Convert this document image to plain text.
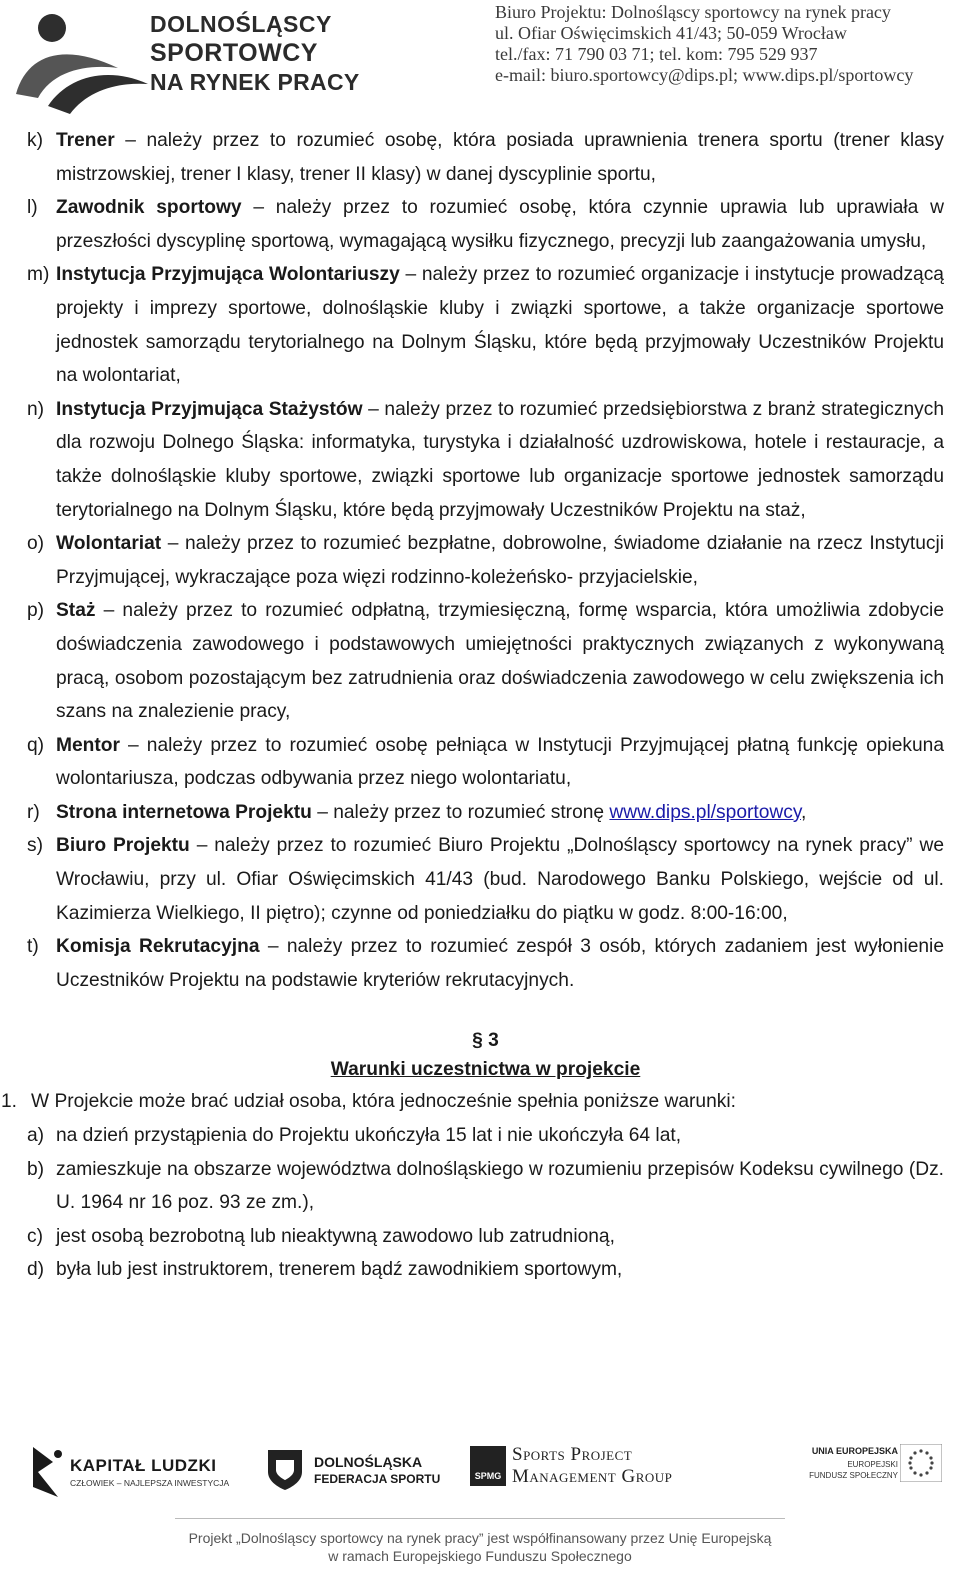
DOLNOŚLĄSCY
SPORTOWCY
NA RYNEK PRACY
Biuro Projektu: Dolnośląscy sportowcy na rynek pracy
ul. Ofiar Oświęcimskich 41/43; 50-059 Wrocław
tel./fax: 71 790 03 71; tel. kom: 795 529 937
e-mail: biuro.sportowcy@dips.pl; www.dips.pl/sportowcy
k) Trener – należy przez to rozumieć osobę, która posiada uprawnienia trenera sportu (trener klasy mistrzowskiej, trener I klasy, trener II klasy) w danej dyscyplinie sportu,
l) Zawodnik sportowy – należy przez to rozumieć osobę, która czynnie uprawia lub uprawiała w przeszłości dyscyplinę sportową, wymagającą wysiłku fizycznego, precyzji lub zaangażowania umysłu,
m) Instytucja Przyjmująca Wolontariuszy – należy przez to rozumieć organizacje i instytucje prowadzącą projekty i imprezy sportowe, dolnośląskie kluby i związki sportowe, a także organizacje sportowe jednostek samorządu terytorialnego na Dolnym Śląsku, które będą przyjmowały Uczestników Projektu na wolontariat,
n) Instytucja Przyjmująca Stażystów – należy przez to rozumieć przedsiębiorstwa z branż strategicznych dla rozwoju Dolnego Śląska: informatyka, turystyka i działalność uzdrowiskowa, hotele i restauracje, a także dolnośląskie kluby sportowe, związki sportowe lub organizacje sportowe jednostek samorządu terytorialnego na Dolnym Śląsku, które będą przyjmowały Uczestników Projektu na staż,
o) Wolontariat – należy przez to rozumieć bezpłatne, dobrowolne, świadome działanie na rzecz Instytucji Przyjmującej, wykraczające poza więzi rodzinno-koleżeńsko- przyjacielskie,
p) Staż – należy przez to rozumieć odpłatną, trzymiesięczną, formę wsparcia, która umożliwia zdobycie doświadczenia zawodowego i podstawowych umiejętności praktycznych związanych z wykonywaną pracą, osobom pozostającym bez zatrudnienia oraz doświadczenia zawodowego w celu zwiększenia ich szans na znalezienie pracy,
q) Mentor – należy przez to rozumieć osobę pełniąca w Instytucji Przyjmującej płatną funkcję opiekuna wolontariusza, podczas odbywania przez niego wolontariatu,
r) Strona internetowa Projektu – należy przez to rozumieć stronę www.dips.pl/sportowcy,
s) Biuro Projektu – należy przez to rozumieć Biuro Projektu „Dolnośląscy sportowcy na rynek pracy” we Wrocławiu, przy ul. Ofiar Oświęcimskich 41/43 (bud. Narodowego Banku Polskiego, wejście od ul. Kazimierza Wielkiego, II piętro); czynne od poniedziałku do piątku w godz. 8:00-16:00,
t) Komisja Rekrutacyjna – należy przez to rozumieć zespół 3 osób, których zadaniem jest wyłonienie Uczestników Projektu na podstawie kryteriów rekrutacyjnych.
§ 3
Warunki uczestnictwa w projekcie
1. W Projekcie może brać udział osoba, która jednocześnie spełnia poniższe warunki:
a) na dzień przystąpienia do Projektu ukończyła 15 lat i nie ukończyła 64 lat,
b) zamieszkuje na obszarze województwa dolnośląskiego w rozumieniu przepisów Kodeksu cywilnego (Dz. U. 1964 nr 16 poz. 93 ze zm.),
c) jest osobą bezrobotną lub nieaktywną zawodowo lub zatrudnioną,
d) była lub jest instruktorem, trenerem bądź zawodnikiem sportowym,
KAPITAŁ LUDZKI
CZŁOWIEK – NAJLEPSZA INWESTYCJA
DOLNOŚLĄSKA
FEDERACJA SPORTU	SPMG
Sports Project
Management Group
UNIA EUROPEJSKA
EUROPEJSKI
FUNDUSZ SPOŁECZNY
Projekt „Dolnośląscy sportowcy na rynek pracy” jest współfinansowany przez Unię Europejską
w ramach Europejskiego Funduszu Społecznego
